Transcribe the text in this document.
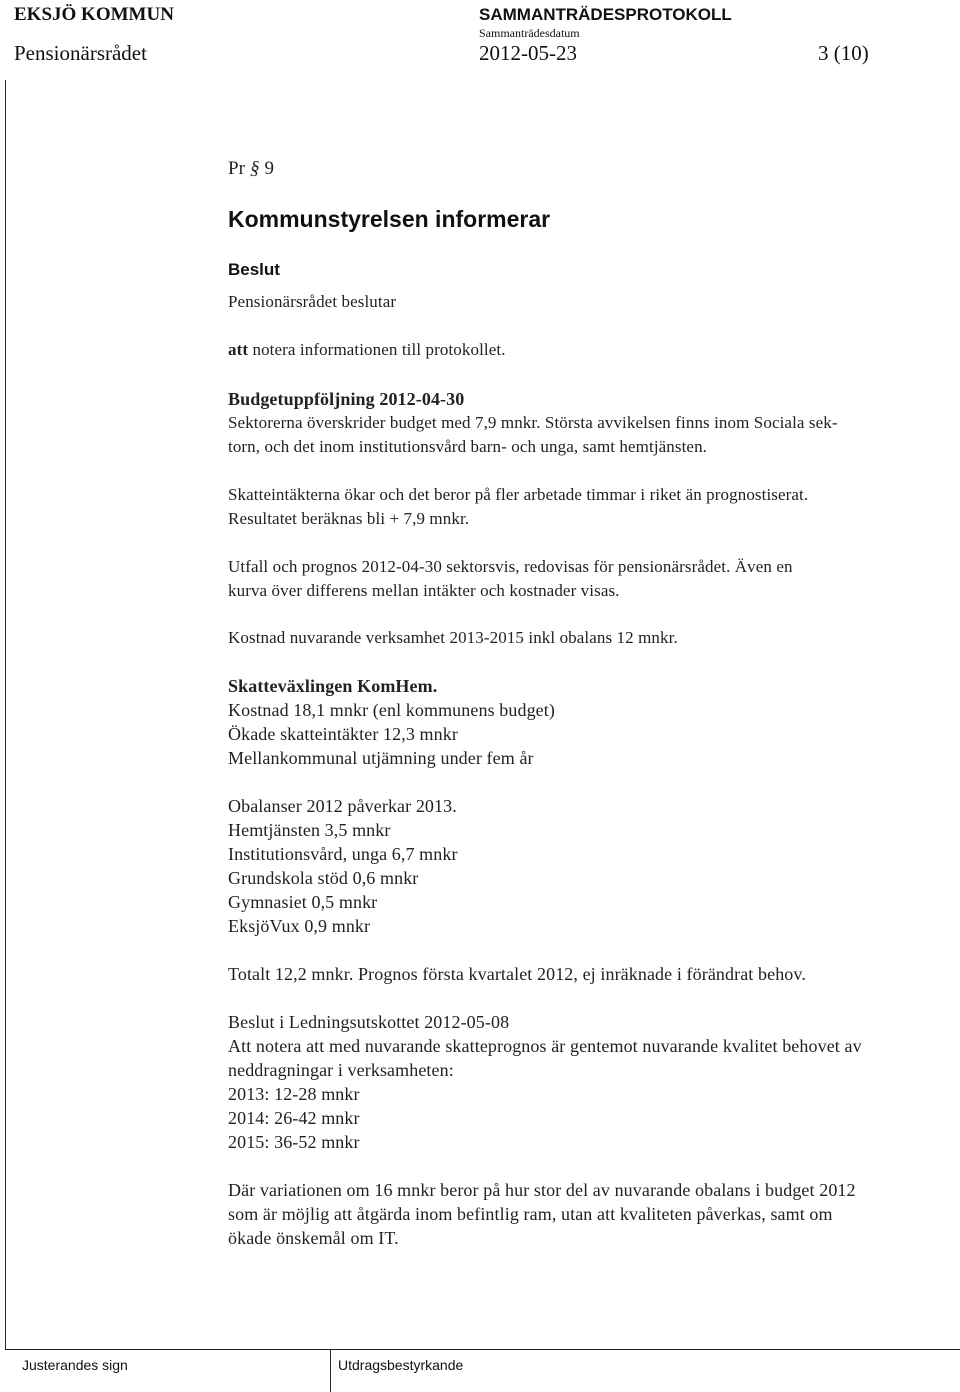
EKSJÖ KOMMUN	SAMMANTRÄDESPROTOKOLL
Sammanträdesdatum
Pensionärsrådet	2012-05-23	3 (10)
Pr § 9
Kommunstyrelsen informerar
Beslut
Pensionärsrådet beslutar
att notera informationen till protokollet.
Budgetuppföljning 2012-04-30
Sektorerna överskrider budget med 7,9 mnkr. Största avvikelsen finns inom Sociala sek-
torn, och det inom institutionsvård barn- och unga, samt hemtjänsten.
Skatteintäkterna ökar och det beror på fler arbetade timmar i riket än prognostiserat.
Resultatet beräknas bli + 7,9 mnkr.
Utfall och prognos 2012-04-30 sektorsvis, redovisas för pensionärsrådet. Även en
kurva över differens mellan intäkter och kostnader visas.
Kostnad nuvarande verksamhet 2013-2015 inkl obalans 12 mnkr.
Skatteväxlingen KomHem.
Kostnad 18,1 mnkr (enl kommunens budget)
Ökade skatteintäkter 12,3 mnkr
Mellankommunal utjämning under fem år
Obalanser 2012 påverkar 2013.
Hemtjänsten 3,5 mnkr
Institutionsvård, unga 6,7 mnkr
Grundskola stöd 0,6 mnkr
Gymnasiet 0,5 mnkr
EksjöVux 0,9 mnkr
Totalt 12,2 mnkr. Prognos första kvartalet 2012, ej inräknade i förändrat behov.
Beslut i Ledningsutskottet 2012-05-08
Att notera att med nuvarande skatteprognos är gentemot nuvarande kvalitet behovet av
neddragningar i verksamheten:
2013: 12-28 mnkr
2014: 26-42 mnkr
2015: 36-52 mnkr
Där variationen om 16 mnkr beror på hur stor del av nuvarande obalans i budget 2012
som är möjlig att åtgärda inom befintlig ram, utan att kvaliteten påverkas, samt om
ökade önskemål om IT.
Justerandes sign	Utdragsbestyrkande
